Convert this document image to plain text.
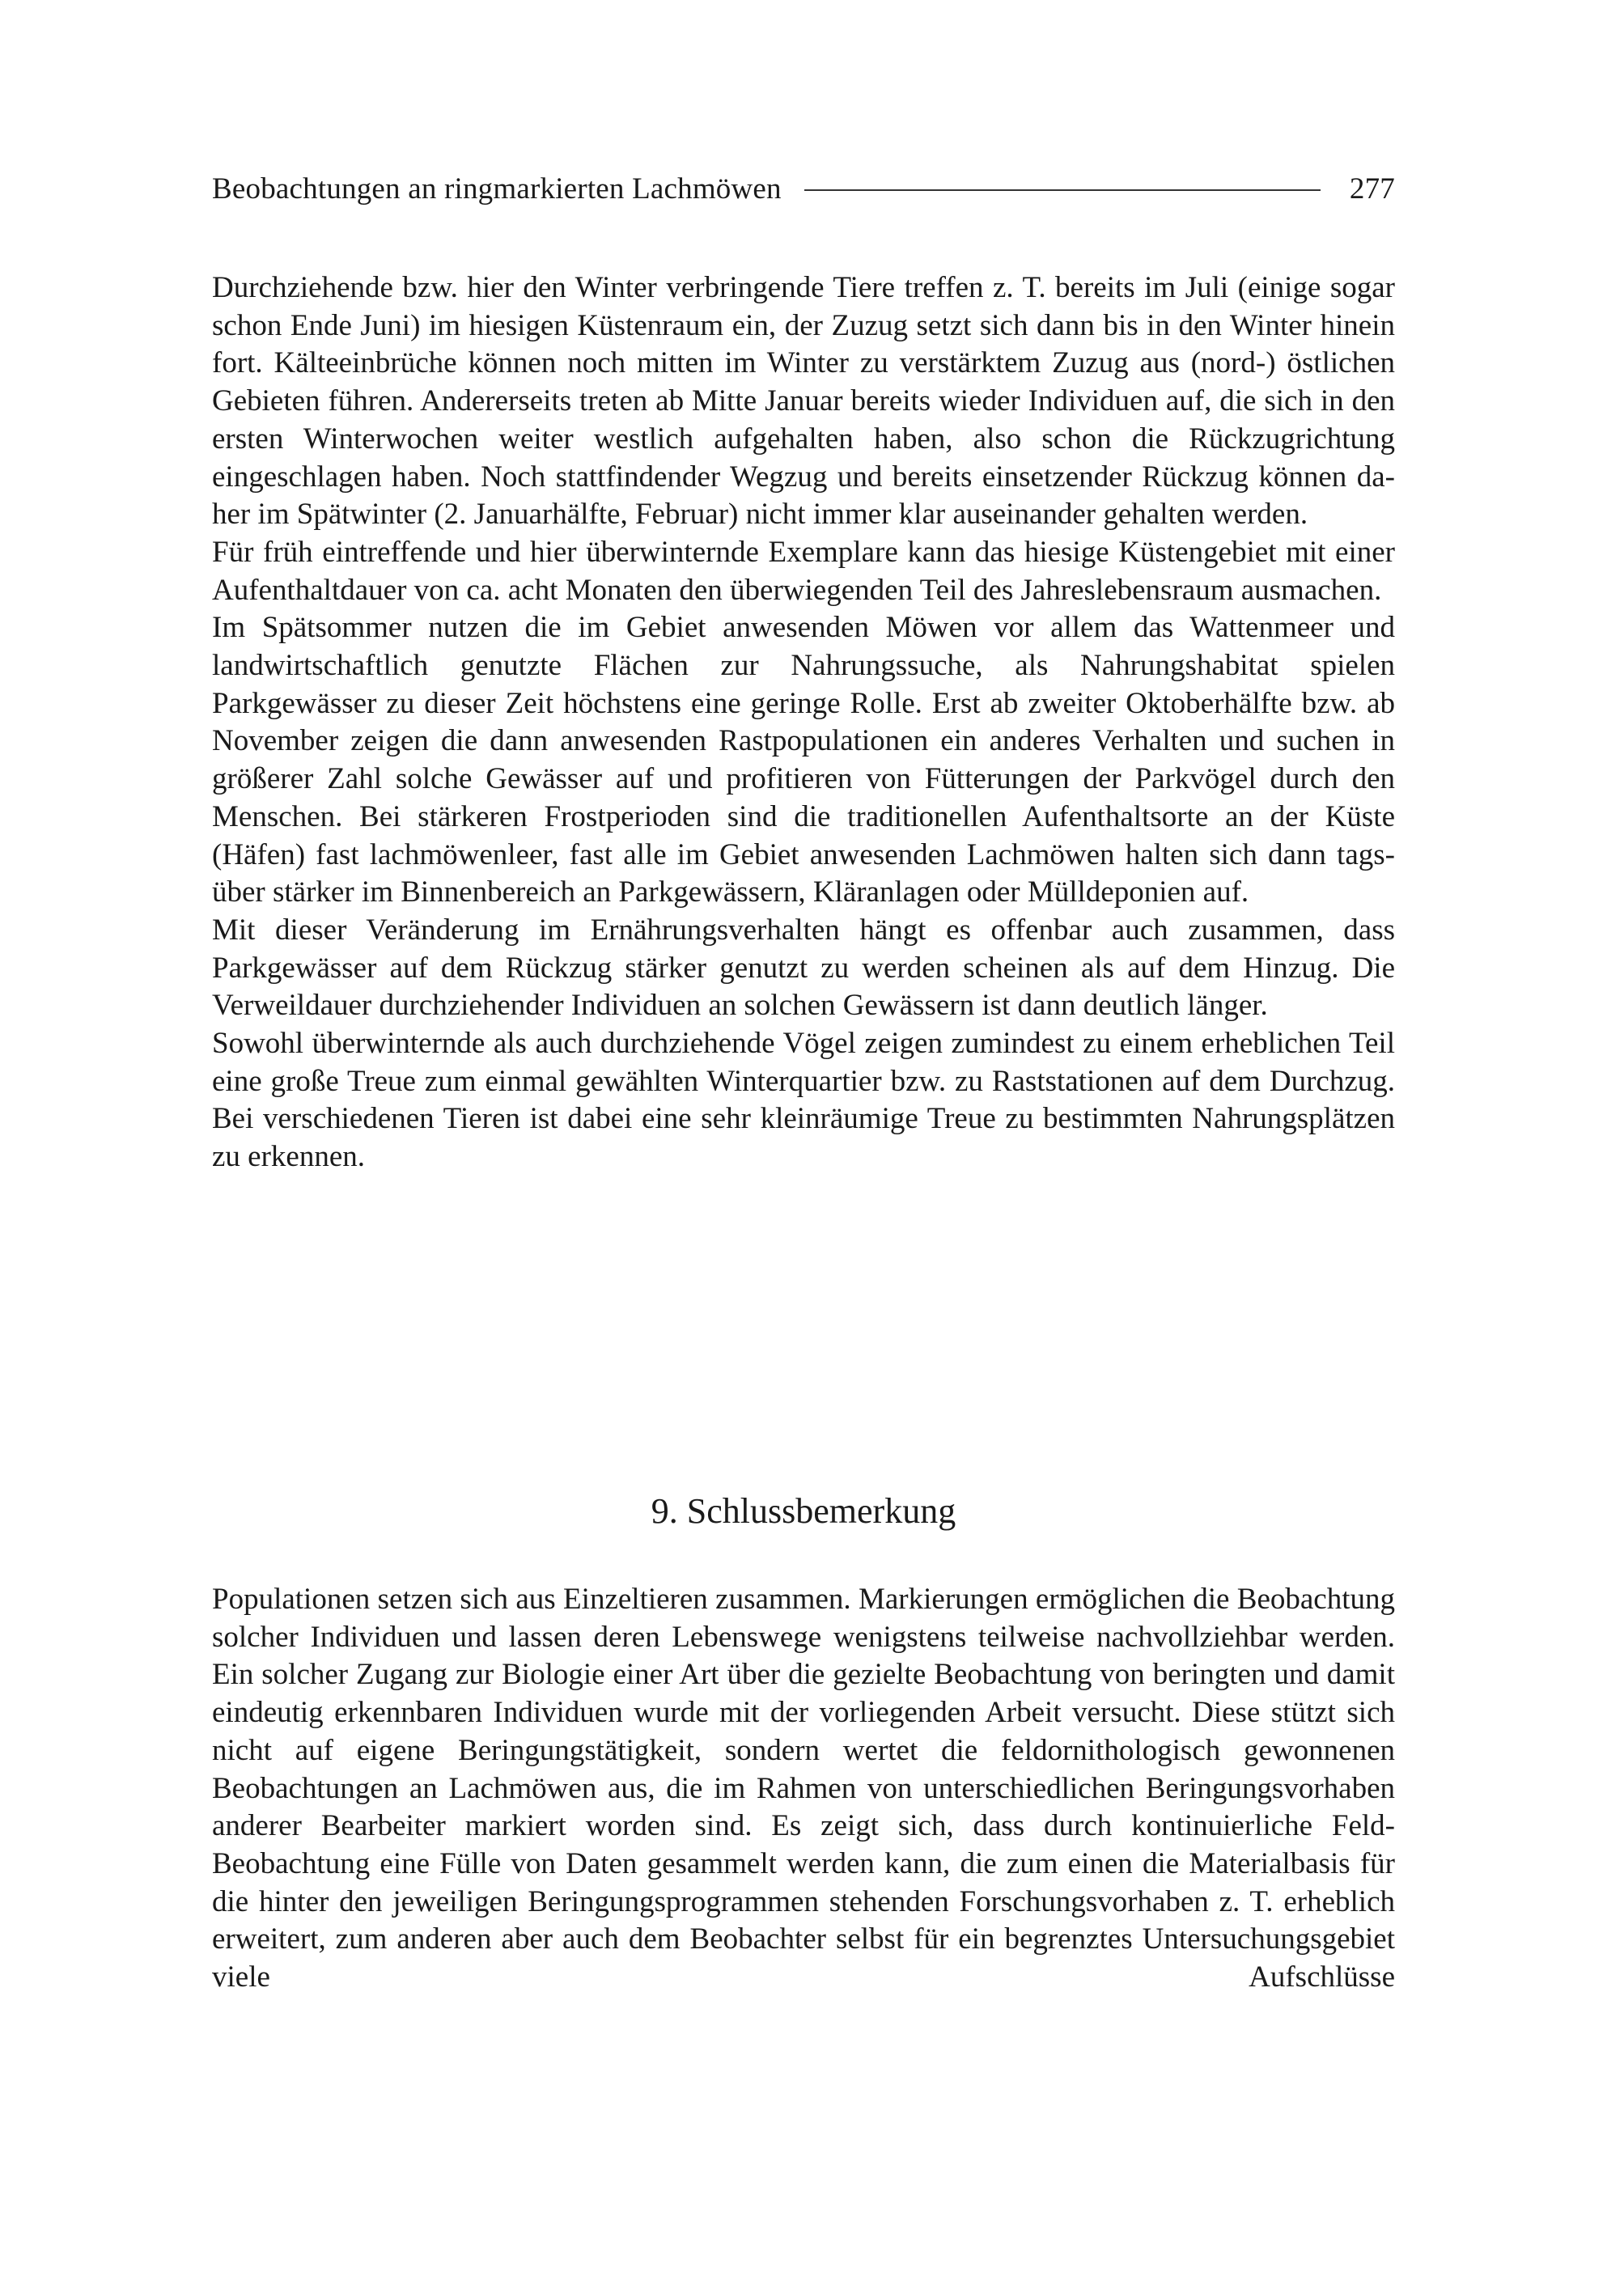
Beobachtungen an ringmarkierten Lachmöwen	277

Durchziehende bzw. hier den Winter verbringende Tiere treffen z. T. bereits im Juli (einige sogar schon Ende Juni) im hiesigen Küstenraum ein, der Zuzug setzt sich dann bis in den Winter hinein fort. Kälteeinbrüche können noch mitten im Winter zu verstärktem Zuzug aus (nord-) östlichen Gebieten führen. Andererseits treten ab Mitte Januar bereits wieder Individuen auf, die sich in den ersten Winterwochen weiter westlich aufgehalten haben, also schon die Rückzugrichtung eingeschlagen haben. Noch stattfindender Wegzug und bereits einsetzender Rückzug können daher im Spätwinter (2. Januarhälfte, Februar) nicht immer klar auseinander gehalten werden.

Für früh eintreffende und hier überwinternde Exemplare kann das hiesige Küstengebiet mit einer Aufenthaltdauer von ca. acht Monaten den überwiegenden Teil des Jahreslebensraum ausmachen.

Im Spätsommer nutzen die im Gebiet anwesenden Möwen vor allem das Wattenmeer und landwirtschaftlich genutzte Flächen zur Nahrungssuche, als Nahrungshabitat spielen Parkgewässer zu dieser Zeit höchstens eine geringe Rolle. Erst ab zweiter Oktoberhälfte bzw. ab November zeigen die dann anwesenden Rastpopulationen ein anderes Verhalten und suchen in größerer Zahl solche Gewässer auf und profitieren von Fütterungen der Parkvögel durch den Menschen. Bei stärkeren Frostperioden sind die traditionellen Aufenthaltsorte an der Küste (Häfen) fast lachmöwenleer, fast alle im Gebiet anwesenden Lachmöwen halten sich dann tagsüber stärker im Binnenbereich an Parkgewässern, Kläranlagen oder Mülldeponien auf.

Mit dieser Veränderung im Ernährungsverhalten hängt es offenbar auch zusammen, dass Parkgewässer auf dem Rückzug stärker genutzt zu werden scheinen als auf dem Hinzug. Die Verweildauer durchziehender Individuen an solchen Gewässern ist dann deutlich länger.

Sowohl überwinternde als auch durchziehende Vögel zeigen zumindest zu einem erheblichen Teil eine große Treue zum einmal gewählten Winterquartier bzw. zu Raststationen auf dem Durchzug. Bei verschiedenen Tieren ist dabei eine sehr kleinräumige Treue zu bestimmten Nahrungsplätzen zu erkennen.

9. Schlussbemerkung

Populationen setzen sich aus Einzeltieren zusammen. Markierungen ermöglichen die Beobachtung solcher Individuen und lassen deren Lebenswege wenigstens teilweise nachvollziehbar werden. Ein solcher Zugang zur Biologie einer Art über die gezielte Beobachtung von beringten und damit eindeutig erkennbaren Individuen wurde mit der vorliegenden Arbeit versucht. Diese stützt sich nicht auf eigene Beringungstätigkeit, sondern wertet die feldornithologisch gewonnenen Beobachtungen an Lachmöwen aus, die im Rahmen von unterschiedlichen Beringungsvorhaben anderer Bearbeiter markiert worden sind. Es zeigt sich, dass durch kontinuierliche Feld-Beobachtung eine Fülle von Daten gesammelt werden kann, die zum einen die Materialbasis für die hinter den jeweiligen Beringungsprogrammen stehenden Forschungsvorhaben z. T. erheblich erweitert, zum anderen aber auch dem Beobachter selbst für ein begrenztes Untersuchungsgebiet viele Aufschlüsse
